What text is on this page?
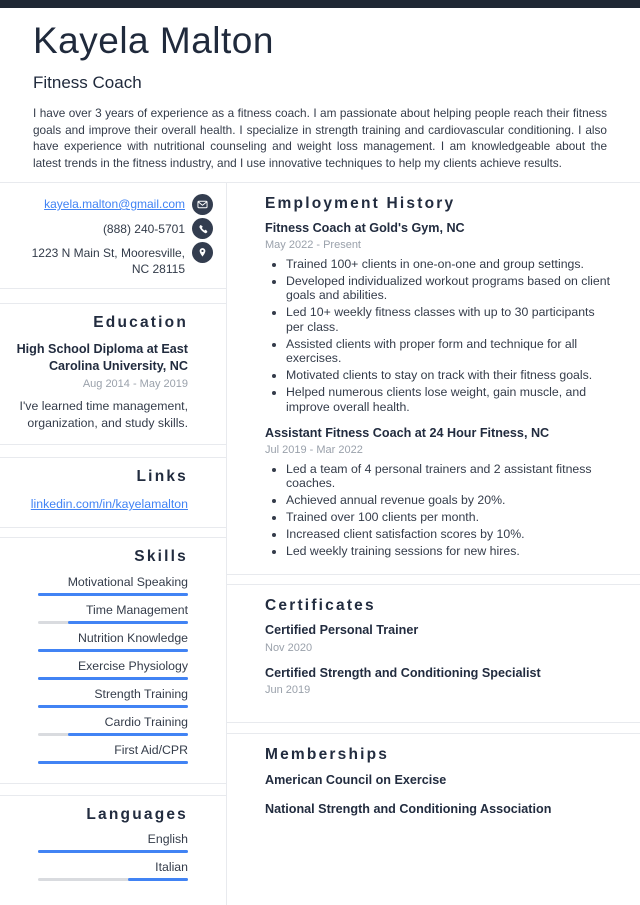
Kayela Malton
Fitness Coach
I have over 3 years of experience as a fitness coach. I am passionate about helping people reach their fitness goals and improve their overall health. I specialize in strength training and cardiovascular conditioning. I also have experience with nutritional counseling and weight loss management. I am knowledgeable about the latest trends in the fitness industry, and I use innovative techniques to help my clients achieve results.
kayela.malton@gmail.com
(888) 240-5701
1223 N Main St, Mooresville, NC 28115
Education
High School Diploma at East Carolina University, NC
Aug 2014 - May 2019
I've learned time management, organization, and study skills.
Links
linkedin.com/in/kayelamalton
Skills
Motivational Speaking
Time Management
Nutrition Knowledge
Exercise Physiology
Strength Training
Cardio Training
First Aid/CPR
Languages
English
Italian
Employment History
Fitness Coach at Gold's Gym, NC
May 2022 - Present
• Trained 100+ clients in one-on-one and group settings.
• Developed individualized workout programs based on client goals and abilities.
• Led 10+ weekly fitness classes with up to 30 participants per class.
• Assisted clients with proper form and technique for all exercises.
• Motivated clients to stay on track with their fitness goals.
• Helped numerous clients lose weight, gain muscle, and improve overall health.
Assistant Fitness Coach at 24 Hour Fitness, NC
Jul 2019 - Mar 2022
• Led a team of 4 personal trainers and 2 assistant fitness coaches.
• Achieved annual revenue goals by 20%.
• Trained over 100 clients per month.
• Increased client satisfaction scores by 10%.
• Led weekly training sessions for new hires.
Certificates
Certified Personal Trainer
Nov 2020
Certified Strength and Conditioning Specialist
Jun 2019
Memberships
American Council on Exercise
National Strength and Conditioning Association
